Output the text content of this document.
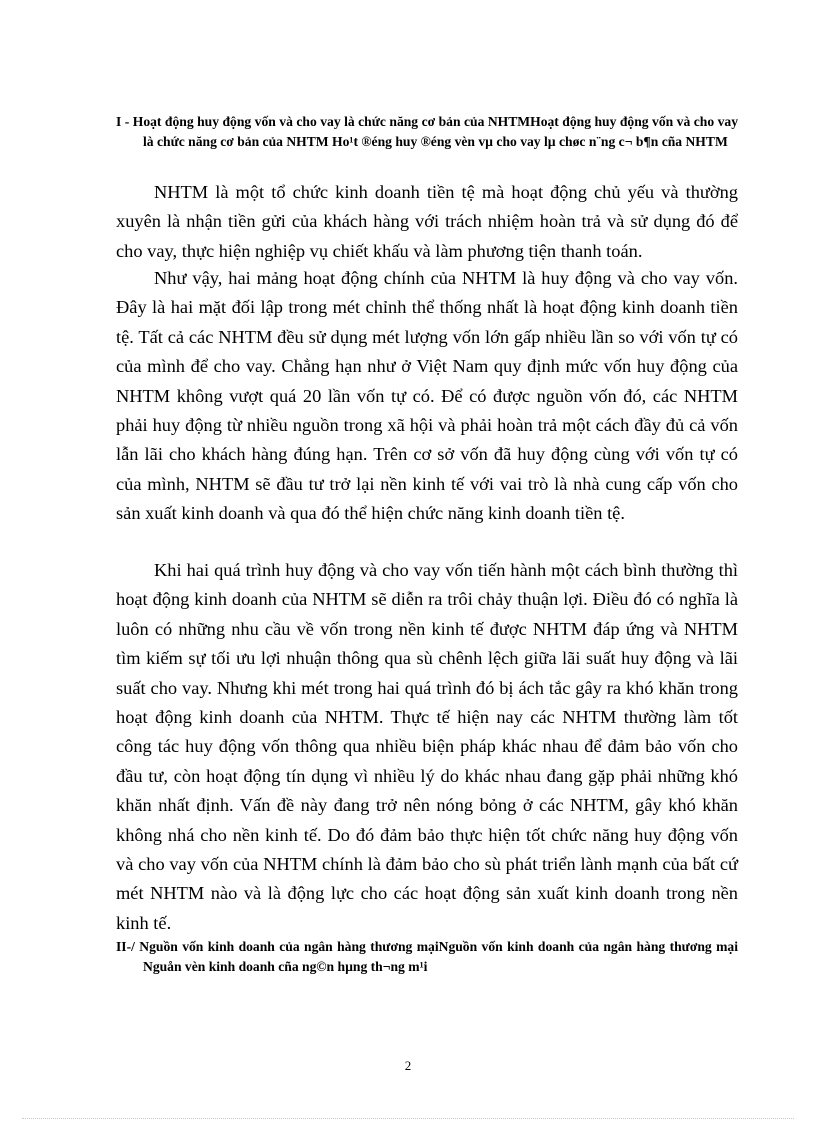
I - Hoạt động huy động vốn và cho vay là chức năng cơ bản của NHTMHoạt động huy động vốn và cho vay là chức năng cơ bản của NHTM Ho¹t ®éng huy ®éng vèn vµ cho vay lµ chøc n¨ng c¬ b¶n cña NHTM

NHTM là một tổ chức kinh doanh tiền tệ mà hoạt động chủ yếu và thường xuyên là nhận tiền gửi của khách hàng với trách nhiệm hoàn trả và sử dụng đó để cho vay, thực hiện nghiệp vụ chiết khấu và làm phương tiện thanh toán.

Như vậy, hai mảng hoạt động chính của NHTM là huy động và cho vay vốn. Đây là hai mặt đối lập trong mét chỉnh thể thống nhất là hoạt động kinh doanh tiền tệ. Tất cả các NHTM đều sử dụng mét lượng vốn lớn gấp nhiều lần so với vốn tự có của mình để cho vay. Chẳng hạn như ở Việt Nam quy định mức vốn huy động của NHTM không vượt quá 20 lần vốn tự có. Để có được nguồn vốn đó, các NHTM phải huy động từ nhiều nguồn trong xã hội và phải hoàn trả một cách đầy đủ cả vốn lẫn lãi cho khách hàng đúng hạn. Trên cơ sở vốn đã huy động cùng với vốn tự có của mình, NHTM sẽ đầu tư trở lại nền kinh tế với vai trò là nhà cung cấp vốn cho sản xuất kinh doanh và qua đó thể hiện chức năng kinh doanh tiền tệ.

Khi hai quá trình huy động và cho vay vốn tiến hành một cách bình thường thì hoạt động kinh doanh của NHTM sẽ diễn ra trôi chảy thuận lợi. Điều đó có nghĩa là luôn có những nhu cầu về vốn trong nền kinh tế được NHTM đáp ứng và NHTM tìm kiếm sự tối ưu lợi nhuận thông qua sù chênh lệch giữa lãi suất huy động và lãi suất cho vay. Nhưng khi mét trong hai quá trình đó bị ách tắc gây ra khó khăn trong hoạt động kinh doanh của NHTM. Thực tế hiện nay các NHTM thường làm tốt công tác huy động vốn thông qua nhiều biện pháp khác nhau để đảm bảo vốn cho đầu tư, còn hoạt động tín dụng vì nhiều lý do khác nhau đang gặp phải những khó khăn nhất định. Vấn đề này đang trở nên nóng bỏng ở các NHTM, gây khó khăn không nhá cho nền kinh tế. Do đó đảm bảo thực hiện tốt chức năng huy động vốn và cho vay vốn của NHTM chính là đảm bảo cho sù phát triển lành mạnh của bất cứ mét NHTM nào và là động lực cho các hoạt động sản xuất kinh doanh trong nền kinh tế.

II-/ Nguồn vốn kinh doanh của ngân hàng thương mạiNguồn vốn kinh doanh của ngân hàng thương mại Nguån vèn kinh doanh cña ng©n hµng th¬ng m¹i
2
